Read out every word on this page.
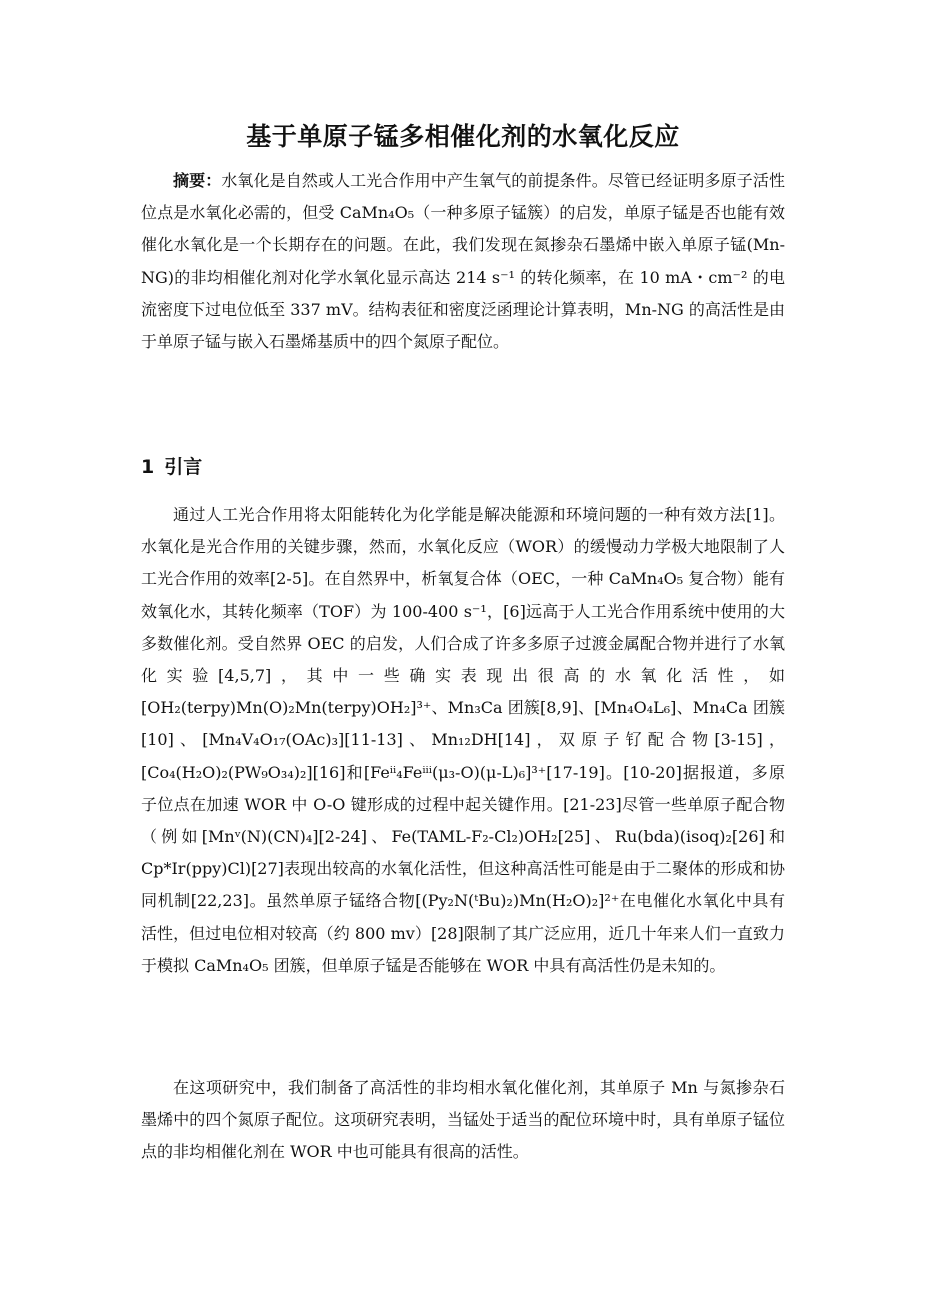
基于单原子锰多相催化剂的水氧化反应

摘要：水氧化是自然或人工光合作用中产生氧气的前提条件。尽管已经证明多原子活性位点是水氧化必需的，但受 CaMn₄O₅（一种多原子锰簇）的启发，单原子锰是否也能有效催化水氧化是一个长期存在的问题。在此，我们发现在氮掺杂石墨烯中嵌入单原子锰(Mn-NG)的非均相催化剂对化学水氧化显示高达 214 s⁻¹ 的转化频率，在 10 mA・cm⁻² 的电流密度下过电位低至 337 mV。结构表征和密度泛函理论计算表明，Mn-NG 的高活性是由于单原子锰与嵌入石墨烯基质中的四个氮原子配位。

1 引言

通过人工光合作用将太阳能转化为化学能是解决能源和环境问题的一种有效方法[1]。水氧化是光合作用的关键步骤，然而，水氧化反应（WOR）的缓慢动力学极大地限制了人工光合作用的效率[2-5]。在自然界中，析氧复合体（OEC，一种 CaMn₄O₅ 复合物）能有效氧化水，其转化频率（TOF）为 100-400 s⁻¹，[6]远高于人工光合作用系统中使用的大多数催化剂。受自然界 OEC 的启发，人们合成了许多多原子过渡金属配合物并进行了水氧化实验[4,5,7]，其中一些确实表现出很高的水氧化活性，如 [OH₂(terpy)Mn(O)₂Mn(terpy)OH₂]³⁺、Mn₃Ca 团簇[8,9]、[Mn₄O₄L₆]、Mn₄Ca 团簇[10]、[Mn₄V₄O₁₇(OAc)₃][11-13]、Mn₁₂DH[14]，双原子钌配合物[3-15]，[Co₄(H₂O)₂(PW₉O₃₄)₂][16]和[Feⁱⁱ₄Feⁱⁱⁱ(μ₃-O)(μ-L)₆]³⁺[17-19]。[10-20]据报道，多原子位点在加速 WOR 中 O-O 键形成的过程中起关键作用。[21-23]尽管一些单原子配合物（例如[Mnᵛ(N)(CN)₄][2-24]、Fe(TAML-F₂-Cl₂)OH₂[25]、Ru(bda)(isoq)₂[26]和 Cp*Ir(ppy)Cl)[27]表现出较高的水氧化活性，但这种高活性可能是由于二聚体的形成和协同机制[22,23]。虽然单原子锰络合物[(Py₂N(ᵗBu)₂)Mn(H₂O)₂]²⁺在电催化水氧化中具有活性，但过电位相对较高（约 800 mv）[28]限制了其广泛应用，近几十年来人们一直致力于模拟 CaMn₄O₅ 团簇，但单原子锰是否能够在 WOR 中具有高活性仍是未知的。

在这项研究中，我们制备了高活性的非均相水氧化催化剂，其单原子 Mn 与氮掺杂石墨烯中的四个氮原子配位。这项研究表明，当锰处于适当的配位环境中时，具有单原子锰位点的非均相催化剂在 WOR 中也可能具有很高的活性。
